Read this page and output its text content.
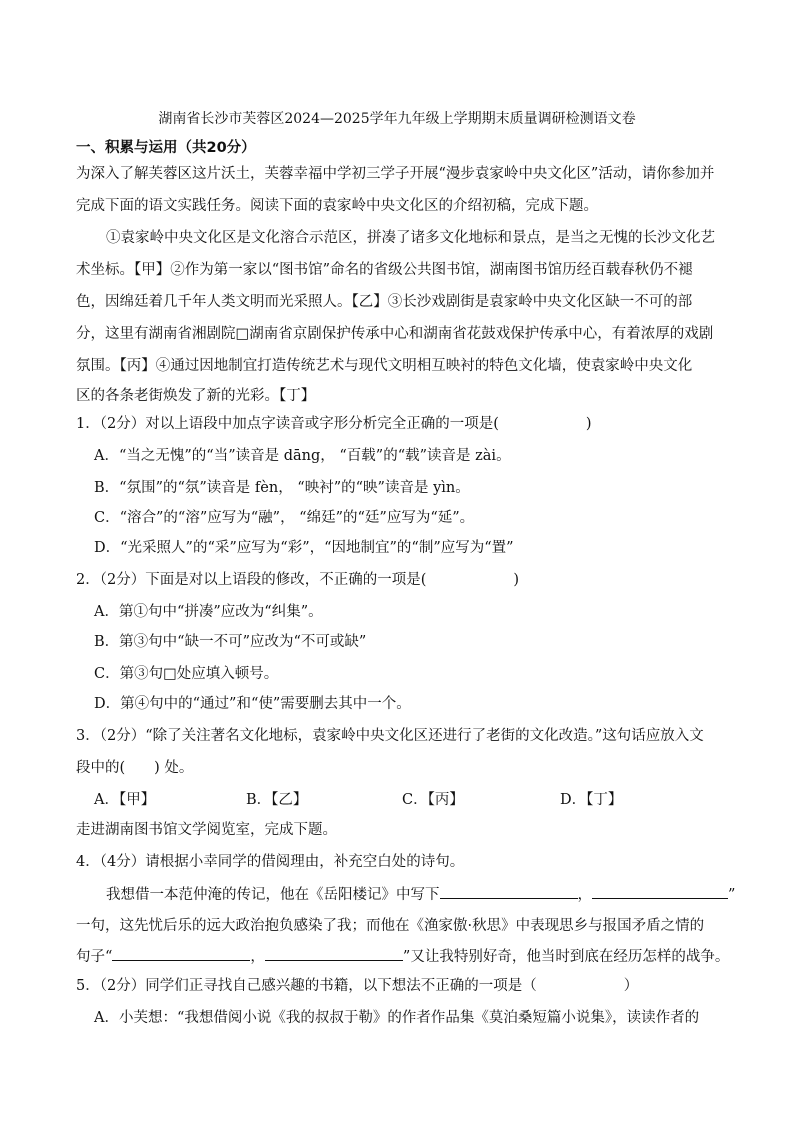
湖南省长沙市芙蓉区2024—2025学年九年级上学期期末质量调研检测语文卷
一、积累与运用（共20分）
为深入了解芙蓉区这片沃土，芙蓉幸福中学初三学子开展“漫步袁家岭中央文化区”活动，请你参加并
完成下面的语文实践任务。阅读下面的袁家岭中央文化区的介绍初稿，完成下题。
①袁家岭中央文化区是文化溶合示范区，拼凑了诸多文化地标和景点，是当之无愧的长沙文化艺
术坐标。【甲】②作为第一家以“图书馆”命名的省级公共图书馆，湖南图书馆历经百载春秋仍不褪
色，因绵廷着几千年人类文明而光采照人。【乙】③长沙戏剧街是袁家岭中央文化区缺一不可的部
分，这里有湖南省湘剧院□湖南省京剧保护传承中心和湖南省花鼓戏保护传承中心，有着浓厚的戏剧
氛围。【丙】④通过因地制宜打造传统艺术与现代文明相互映衬的特色文化墙，使袁家岭中央文化
区的各条老街焕发了新的光彩。【丁】
1．（2分）对以上语段中加点字读音或字形分析完全正确的一项是(　　　　　　)
A．“当之无愧”的“当”读音是 dāng， “百载”的“载”读音是 zài。
B．“氛围”的“氛”读音是 fèn， “映衬”的“映”读音是 yìn。
C．“溶合”的“溶”应写为“融”， “绵廷”的“廷”应写为“延”。
D．“光采照人”的“采”应写为“彩”，“因地制宜”的“制”应写为“置”
2．（2分）下面是对以上语段的修改，不正确的一项是(　　　　　　)
A．第①句中“拼凑”应改为“纠集”。
B．第③句中“缺一不可”应改为“不可或缺”
C．第③句□处应填入顿号。
D．第④句中的“通过”和“使”需要删去其中一个。
3．（2分）“除了关注著名文化地标，袁家岭中央文化区还进行了老街的文化改造。”这句话应放入文
段中的(　　) 处。
A．【甲】	B．【乙】	C．【丙】	D．【丁】
走进湖南图书馆文学阅览室，完成下题。
4．（4分）请根据小幸同学的借阅理由，补充空白处的诗句。
我想借一本范仲淹的传记，他在《岳阳楼记》中写下	，	”
一句，这先忧后乐的远大政治抱负感染了我；而他在《渔家傲·秋思》中表现思乡与报国矛盾之情的
句子“	，	”又让我特别好奇，他当时到底在经历怎样的战争。
5．（2分）同学们正寻找自己感兴趣的书籍，以下想法不正确的一项是（　　　　　　）
A．小芙想：“我想借阅小说《我的叔叔于勒》的作者作品集《莫泊桑短篇小说集》，读读作者的
